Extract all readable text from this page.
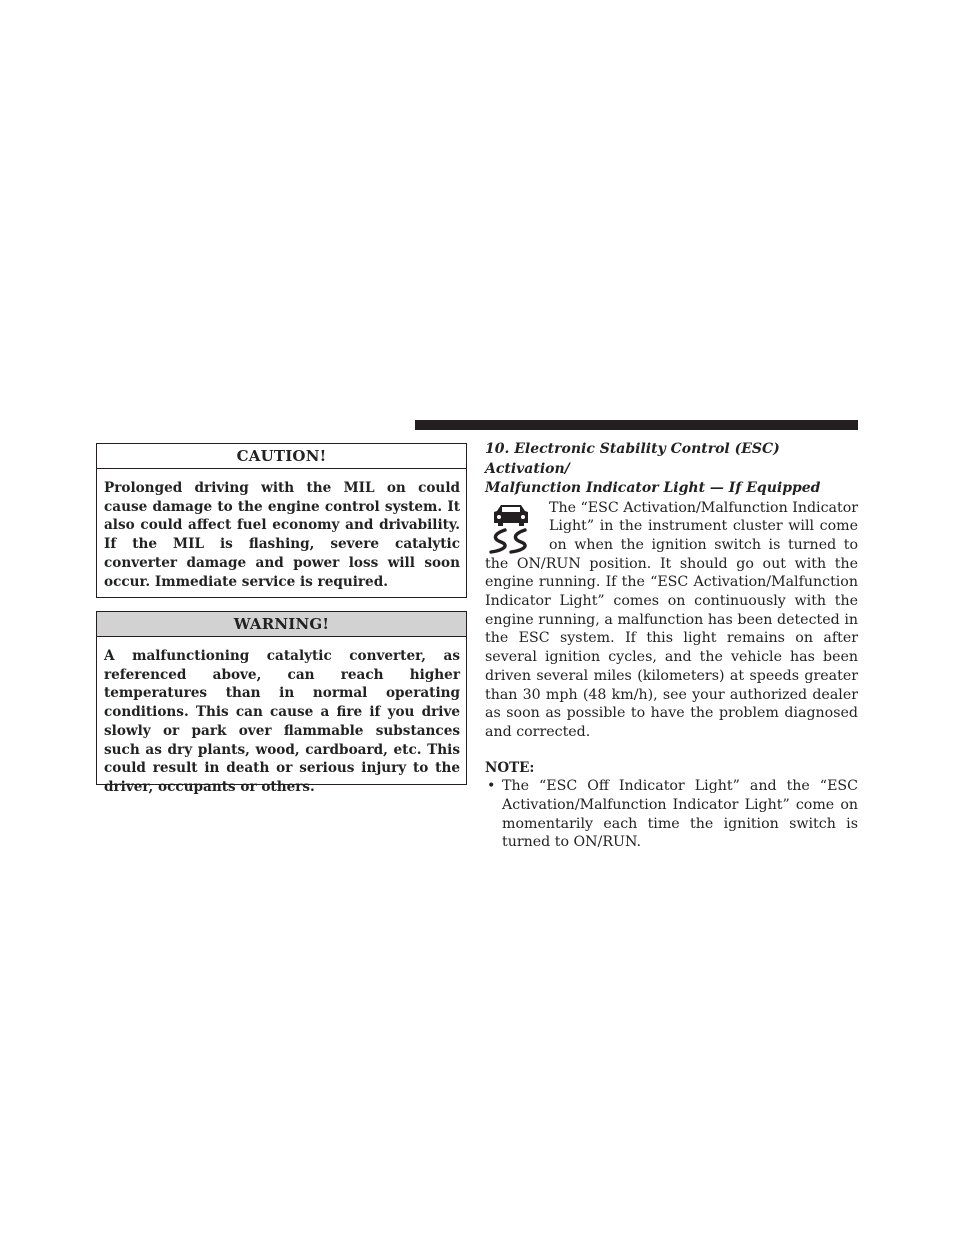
CAUTION!
Prolonged driving with the MIL on could cause damage to the engine control system. It also could affect fuel economy and drivability. If the MIL is flashing, severe catalytic converter damage and power loss will soon occur. Immediate service is required.
WARNING!
A malfunctioning catalytic converter, as referenced above, can reach higher temperatures than in normal operating conditions. This can cause a fire if you drive slowly or park over flammable substances such as dry plants, wood, cardboard, etc. This could result in death or serious injury to the driver, occupants or others.
10. Electronic Stability Control (ESC) Activation/
Malfunction Indicator Light — If Equipped

The “ESC Activation/Malfunction Indicator Light” in the instrument cluster will come on when the ignition switch is turned to the ON/RUN position. It should go out with the engine running. If the “ESC Activation/Malfunction Indicator Light” comes on continuously with the engine running, a malfunction has been detected in the ESC system. If this light remains on after several ignition cycles, and the vehicle has been driven several miles (kilometers) at speeds greater than 30 mph (48 km/h), see your authorized dealer as soon as possible to have the problem diagnosed and corrected.

NOTE:

• The “ESC Off Indicator Light” and the “ESC Activation/Malfunction Indicator Light” come on momentarily each time the ignition switch is turned to ON/RUN.
